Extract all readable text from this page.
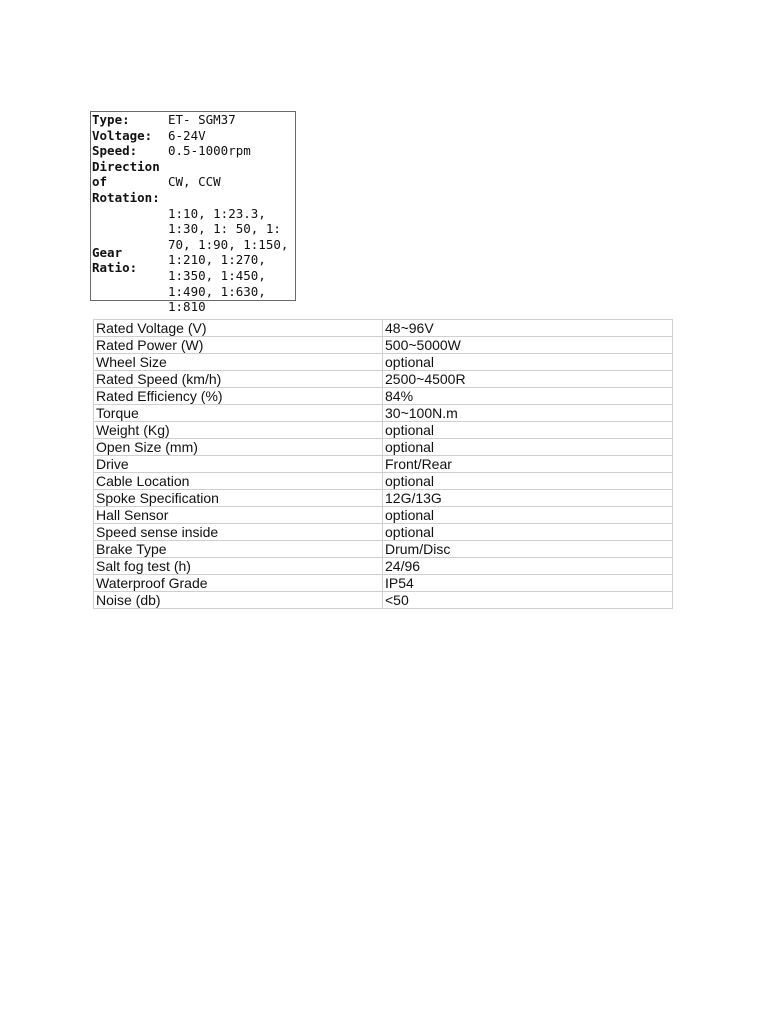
Type:	ET- SGM37
Voltage:	6-24V
Speed:	0.5-1000rpm
Direction of Rotation:	CW, CCW
Gear Ratio:	1:10, 1:23.3, 1:30, 1: 50, 1: 70, 1:90, 1:150, 1:210, 1:270, 1:350, 1:450, 1:490, 1:630, 1:810
Rated Voltage (V)	48~96V
Rated Power (W)	500~5000W
Wheel Size	optional
Rated Speed (km/h)	2500~4500R
Rated Efficiency (%)	84%
Torque	30~100N.m
Weight (Kg)	optional
Open Size (mm)	optional
Drive	Front/Rear
Cable Location	optional
Spoke Specification	12G/13G
Hall Sensor	optional
Speed sense inside	optional
Brake Type	Drum/Disc
Salt fog test (h)	24/96
Waterproof Grade	IP54
Noise (db)	<50
